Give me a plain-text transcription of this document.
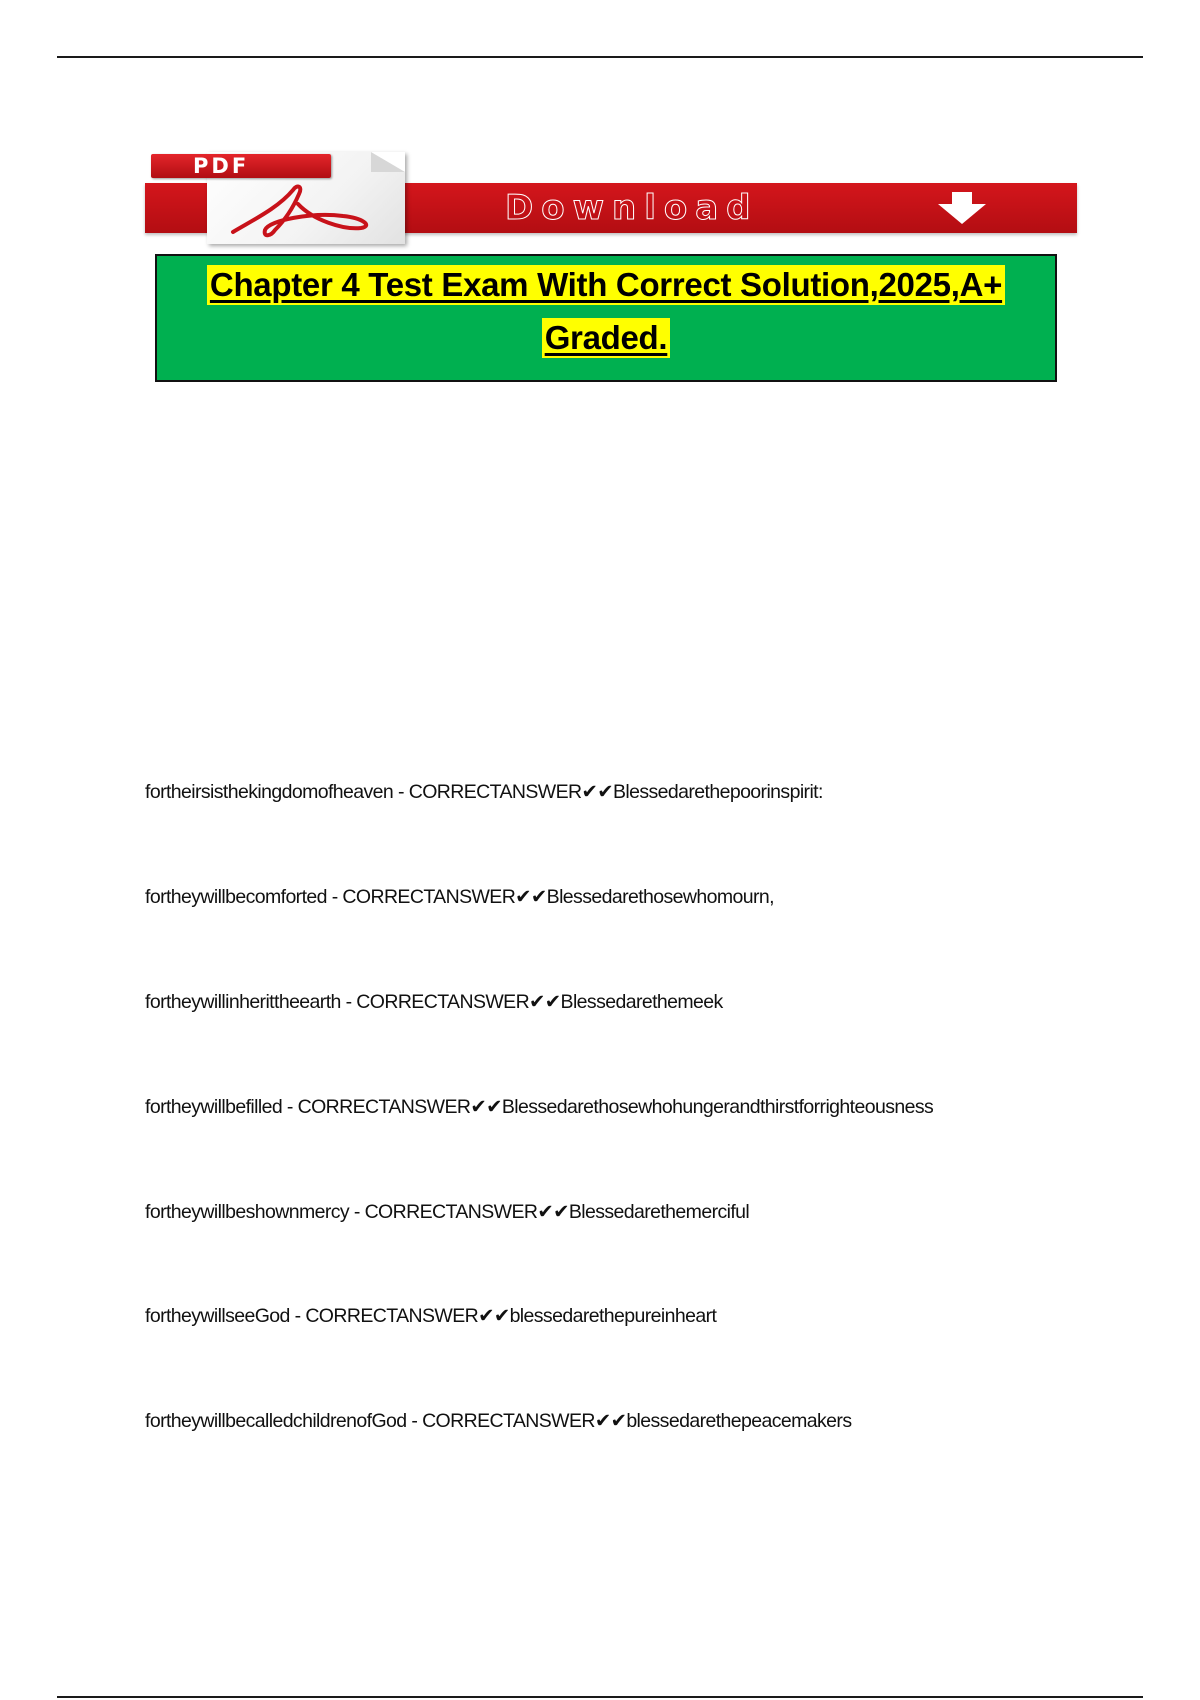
PDF
Download
Chapter 4 Test Exam With Correct Solution,2025,A+
Graded.
fortheirsisthekingdomofheaven - CORRECTANSWER✔✔Blessedarethepoorinspirit:
fortheywillbecomforted - CORRECTANSWER✔✔Blessedarethosewhomourn,
fortheywillinherittheearth - CORRECTANSWER✔✔Blessedarethemeek
fortheywillbefilled - CORRECTANSWER✔✔Blessedarethosewhohungerandthirstforrighteousness
fortheywillbeshownmercy - CORRECTANSWER✔✔Blessedarethemerciful
fortheywillseeGod - CORRECTANSWER✔✔blessedarethepureinheart
fortheywillbecalledchildrenofGod - CORRECTANSWER✔✔blessedarethepeacemakers
